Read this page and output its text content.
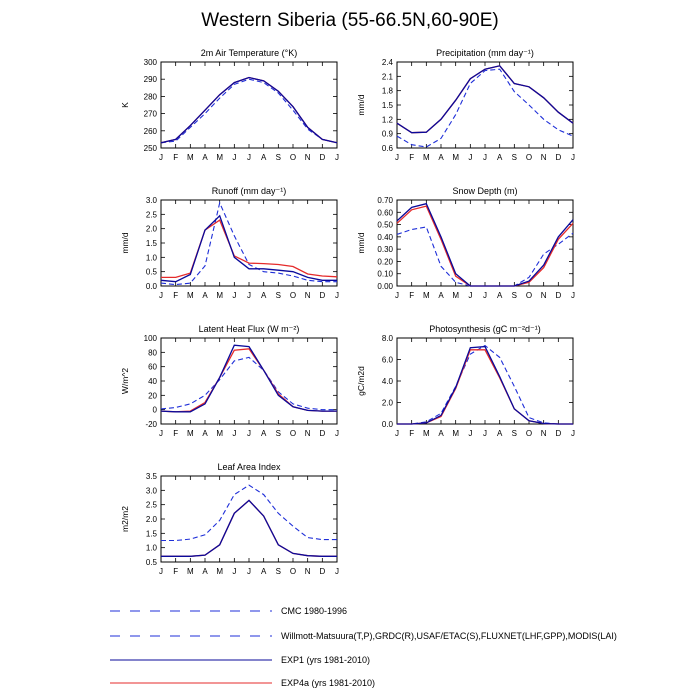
Western Siberia (55-66.5N,60-90E)
2m Air Temperature (°K)
250
260
270
280
290
300
J F M A M J J A S O N D J
K
Precipitation (mm day⁻¹)
0.6
0.9
1.2
1.5
1.8
2.1
2.4
J F M A M J J A S O N D J
mm/d
Runoff (mm day⁻¹)
0.0
0.5
1.0
1.5
2.0
2.5
3.0
J F M A M J J A S O N D J
mm/d
Snow Depth (m)
0.00
0.10
0.20
0.30
0.40
0.50
0.60
0.70
J F M A M J J A S O N D J
mm/d
Latent Heat Flux (W m⁻²)
-20
0
20
40
60
80
100
J F M A M J J A S O N D J
W/m^2
Photosynthesis (gC m⁻²d⁻¹)
0.0
2.0
4.0
6.0
8.0
J F M A M J J A S O N D J
gC/m2d
Leaf Area Index
0.5
1.0
1.5
2.0
2.5
3.0
3.5
J F M A M J J A S O N D J
m2/m2
CMC 1980-1996
Willmott-Matsuura(T,P),GRDC(R),USAF/ETAC(S),FLUXNET(LHF,GPP),MODIS(LAI)
EXP1 (yrs 1981-2010)
EXP4a (yrs 1981-2010)
